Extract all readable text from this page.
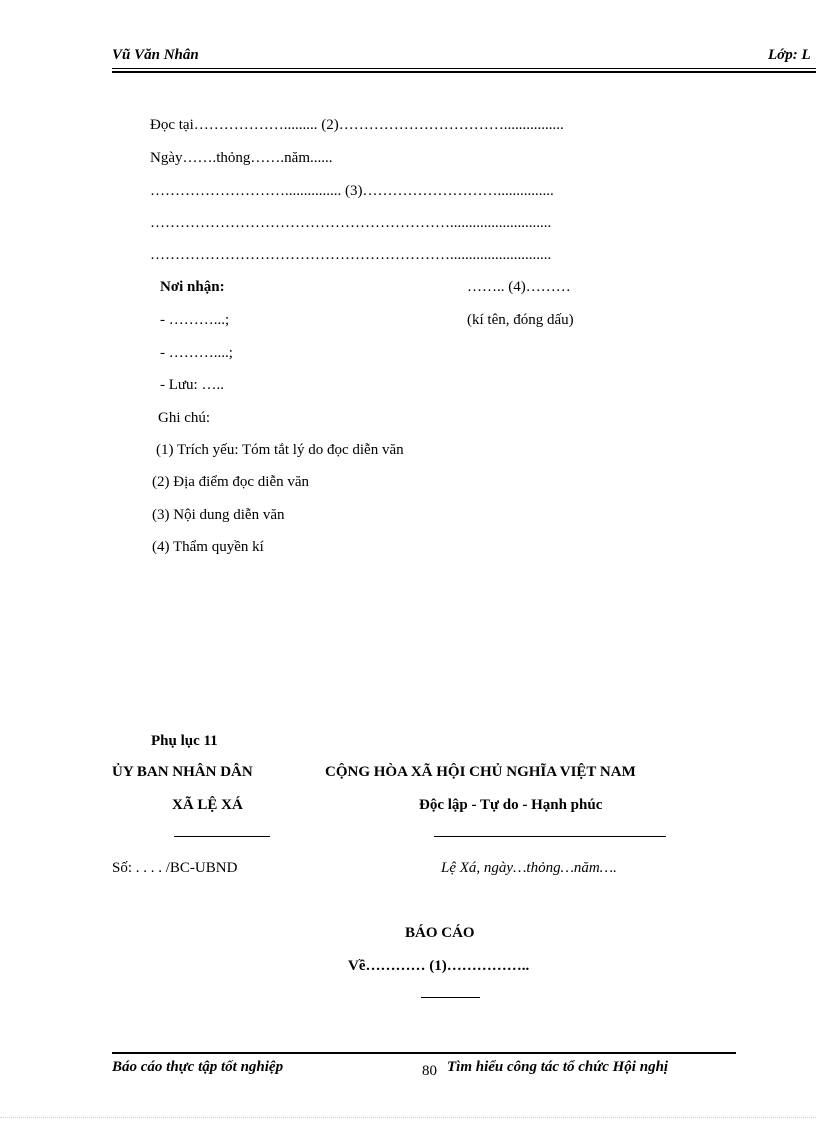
Vũ Văn Nhân	Lớp: L
Đọc tại………………......... (2)……………………………................
Ngày…….thỏng…….năm......
………………………............... (3)………………………...............
……………………………………………………...........................
……………………………………………………...........................
Nơi nhận:	…….. (4)………
- ………...;	(kí tên, đóng dấu)
- ………....;
- Lưu: …..
Ghi chú:
(1) Trích yếu: Tóm tắt lý do đọc diễn văn
(2) Địa điểm đọc diễn văn
(3) Nội dung diễn văn
(4) Thẩm quyền kí
Phụ lục 11
ỦY BAN NHÂN DÂN	CỘNG HÒA XÃ HỘI CHỦ NGHĨA VIỆT NAM
XÃ LỆ XÁ	Độc lập - Tự do - Hạnh phúc
Số: . . . . /BC-UBND	Lệ Xá, ngày…thỏng…năm….
BÁO CÁO
Về………… (1)……………..
Báo cáo thực tập tốt nghiệp	80 Tìm hiểu công tác tổ chức Hội nghị
